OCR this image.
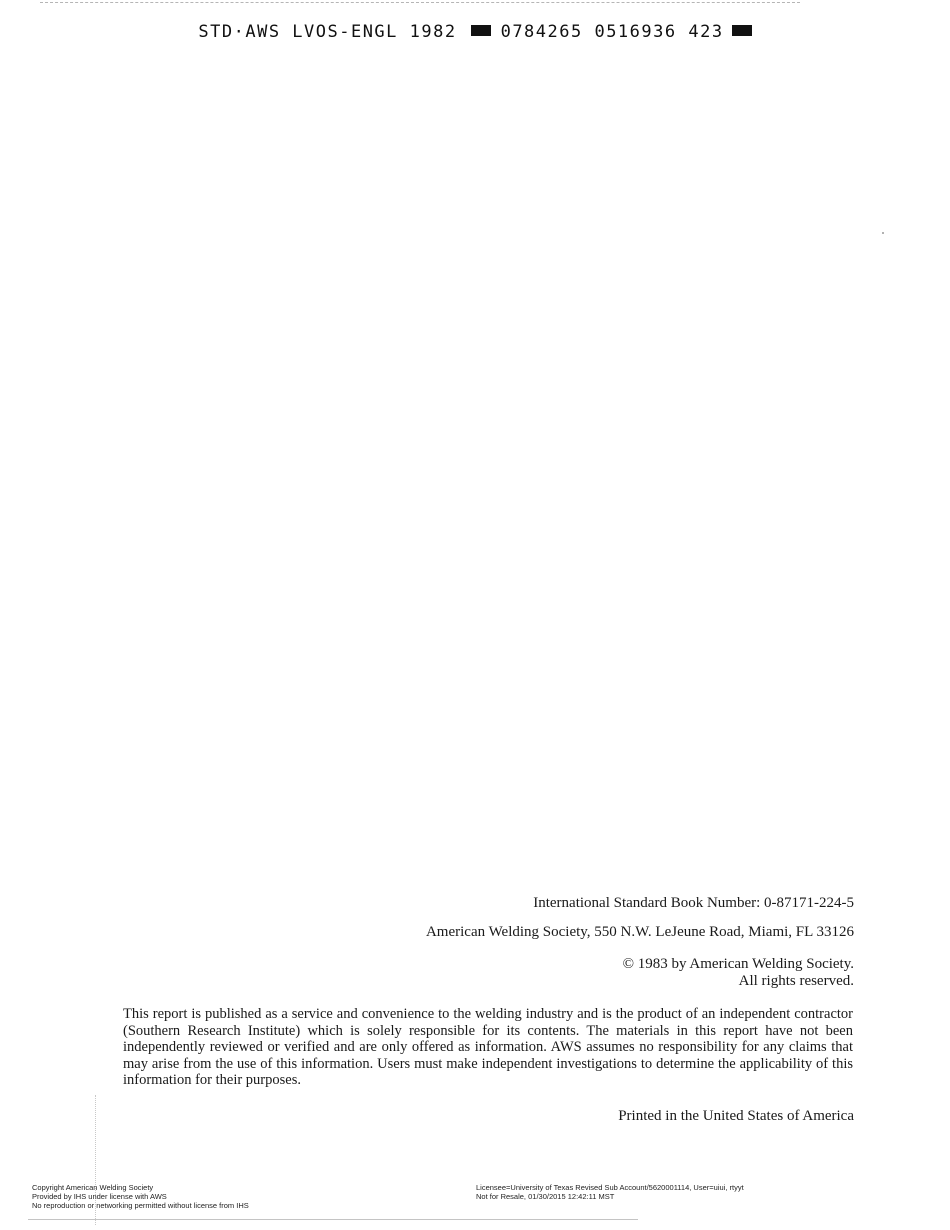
STD·AWS LVOS-ENGL 1982	0784265 0516936 423
International Standard Book Number: 0-87171-224-5
American Welding Society, 550 N.W. LeJeune Road, Miami, FL 33126
© 1983 by American Welding Society.
All rights reserved.
This report is published as a service and convenience to the welding industry and is the product of an independent contractor (Southern Research Institute) which is solely responsible for its contents. The materials in this report have not been independently reviewed or verified and are only offered as information. AWS assumes no responsibility for any claims that may arise from the use of this information. Users must make independent investigations to determine the applicability of this information for their purposes.
Printed in the United States of America
Copyright American Welding Society
Provided by IHS under license with AWS
No reproduction or networking permitted without license from IHS
Licensee=University of Texas Revised Sub Account/5620001114, User=uiui, rtyyt
Not for Resale, 01/30/2015 12:42:11 MST
